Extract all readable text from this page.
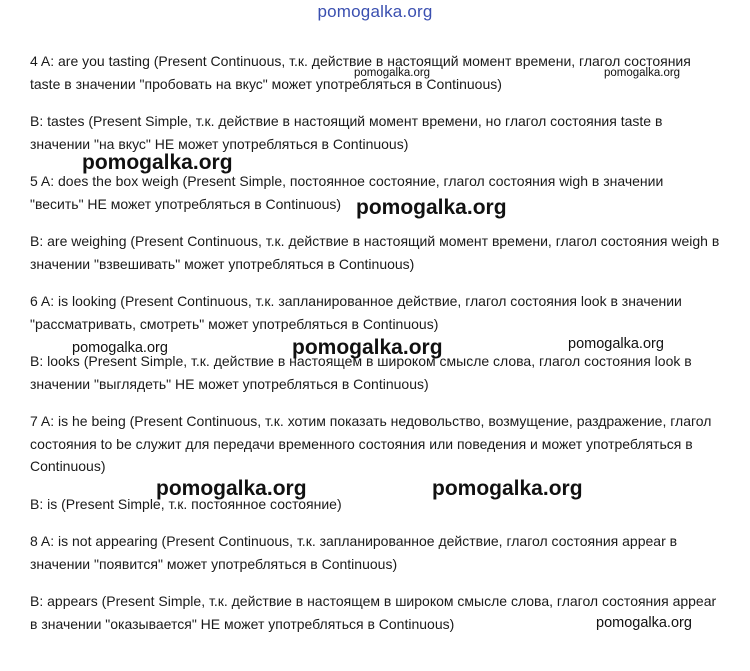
pomogalka.org

4 A: are you tasting (Present Continuous, т.к. действие в настоящий момент времени, глагол состояния taste в значении "пробовать на вкус" может употребляться в Continuous)

B: tastes (Present Simple, т.к. действие в настоящий момент времени, но глагол состояния taste в значении "на вкус" НЕ может употребляться в Continuous)

5 A: does the box weigh (Present Simple, постоянное состояние, глагол состояния wigh в значении "весить" НЕ может употребляться в Continuous)

B: are weighing (Present Continuous, т.к. действие в настоящий момент времени, глагол состояния weigh в значении "взвешивать" может употребляться в Continuous)

6 A: is looking (Present Continuous, т.к. запланированное действие, глагол состояния look в значении "рассматривать, смотреть" может употребляться в Continuous)

B: looks (Present Simple, т.к. действие в настоящем в широком смысле слова, глагол состояния look в значении "выглядеть" НЕ может употребляться в Continuous)

7 A: is he being (Present Continuous, т.к. хотим показать недовольство, возмущение, раздражение, глагол состояния to be служит для передачи временного состояния или поведения и может употребляться в Continuous)

B: is (Present Simple, т.к. постоянное состояние)

8 A: is not appearing (Present Continuous, т.к. запланированное действие, глагол состояния appear в значении "появится" может употребляться в Continuous)

B: appears (Present Simple, т.к. действие в настоящем в широком смысле слова, глагол состояния appear в значении "оказывается" НЕ может употребляться в Continuous)

pomogalka.org	pomogalka.org
pomogalka.org
pomogalka.org
pomogalka.org	pomogalka.org	pomogalka.org
pomogalka.org	pomogalka.org
pomogalka.org
